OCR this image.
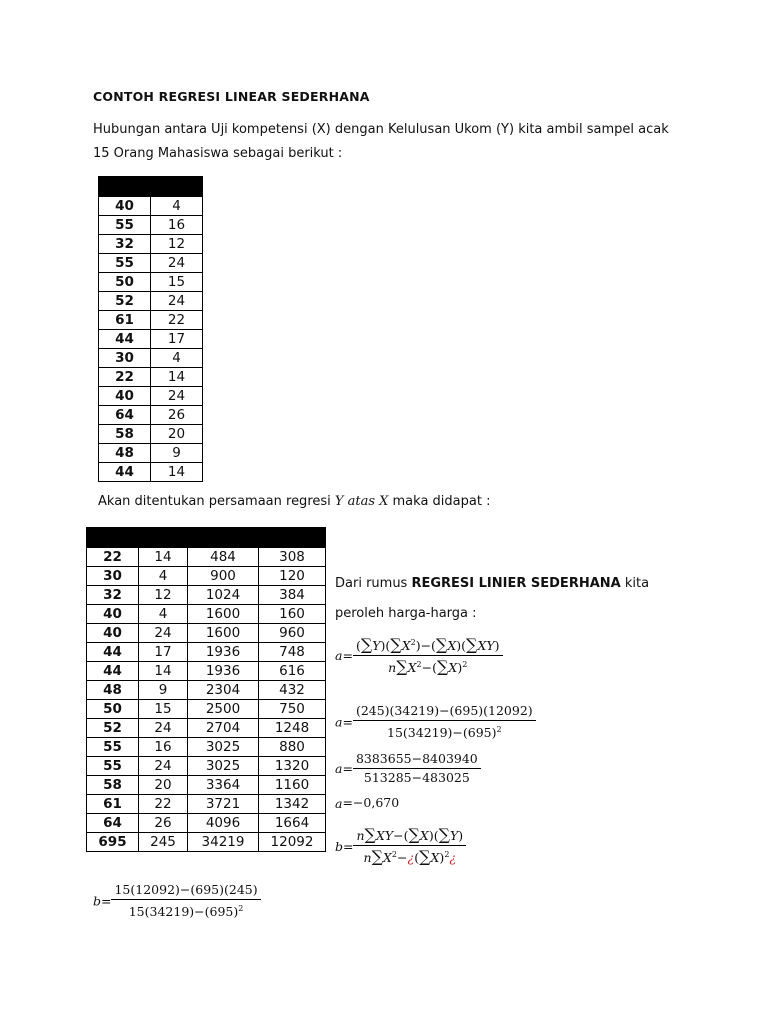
CONTOH REGRESI LINEAR SEDERHANA
Hubungan antara Uji kompetensi (X) dengan Kelulusan Ukom (Y) kita ambil sampel acak
15 Orang Mahasiswa sebagai berikut :

40	4
55	16
32	12
55	24
50	15
52	24
61	22
44	17
30	4
22	14
40	24
64	26
58	20
48	9
44	14
Akan ditentukan persamaan regresi Y atas X maka didapat :

22	14	484	308
30	4	900	120
32	12	1024	384
40	4	1600	160
40	24	1600	960
44	17	1936	748
44	14	1936	616
48	9	2304	432
50	15	2500	750
52	24	2704	1248
55	16	3025	880
55	24	3025	1320
58	20	3364	1160
61	22	3721	1342
64	26	4096	1664
695	245	34219	12092
Dari rumus REGRESI LINIER SEDERHANA kita
peroleh harga-harga :
$a= \frac{(\sum Y)(\sum X^2)-(\sum X)(\sum XY)}{n\sum X^2-(\sum X)^2}$
$a= \frac{(245)(34219)-(695)(12092)}{15(34219)-(695)^2}$
$a= \frac{8383655-8403940}{513285-483025}$
a=−0,670
$b= \frac{n\sum XY-(\sum X)(\sum Y)}{n\sum X^2-¿(\sum X)^2¿}$
$b= \frac{15(12092)-(695)(245)}{15(34219)-(695)^2}$
